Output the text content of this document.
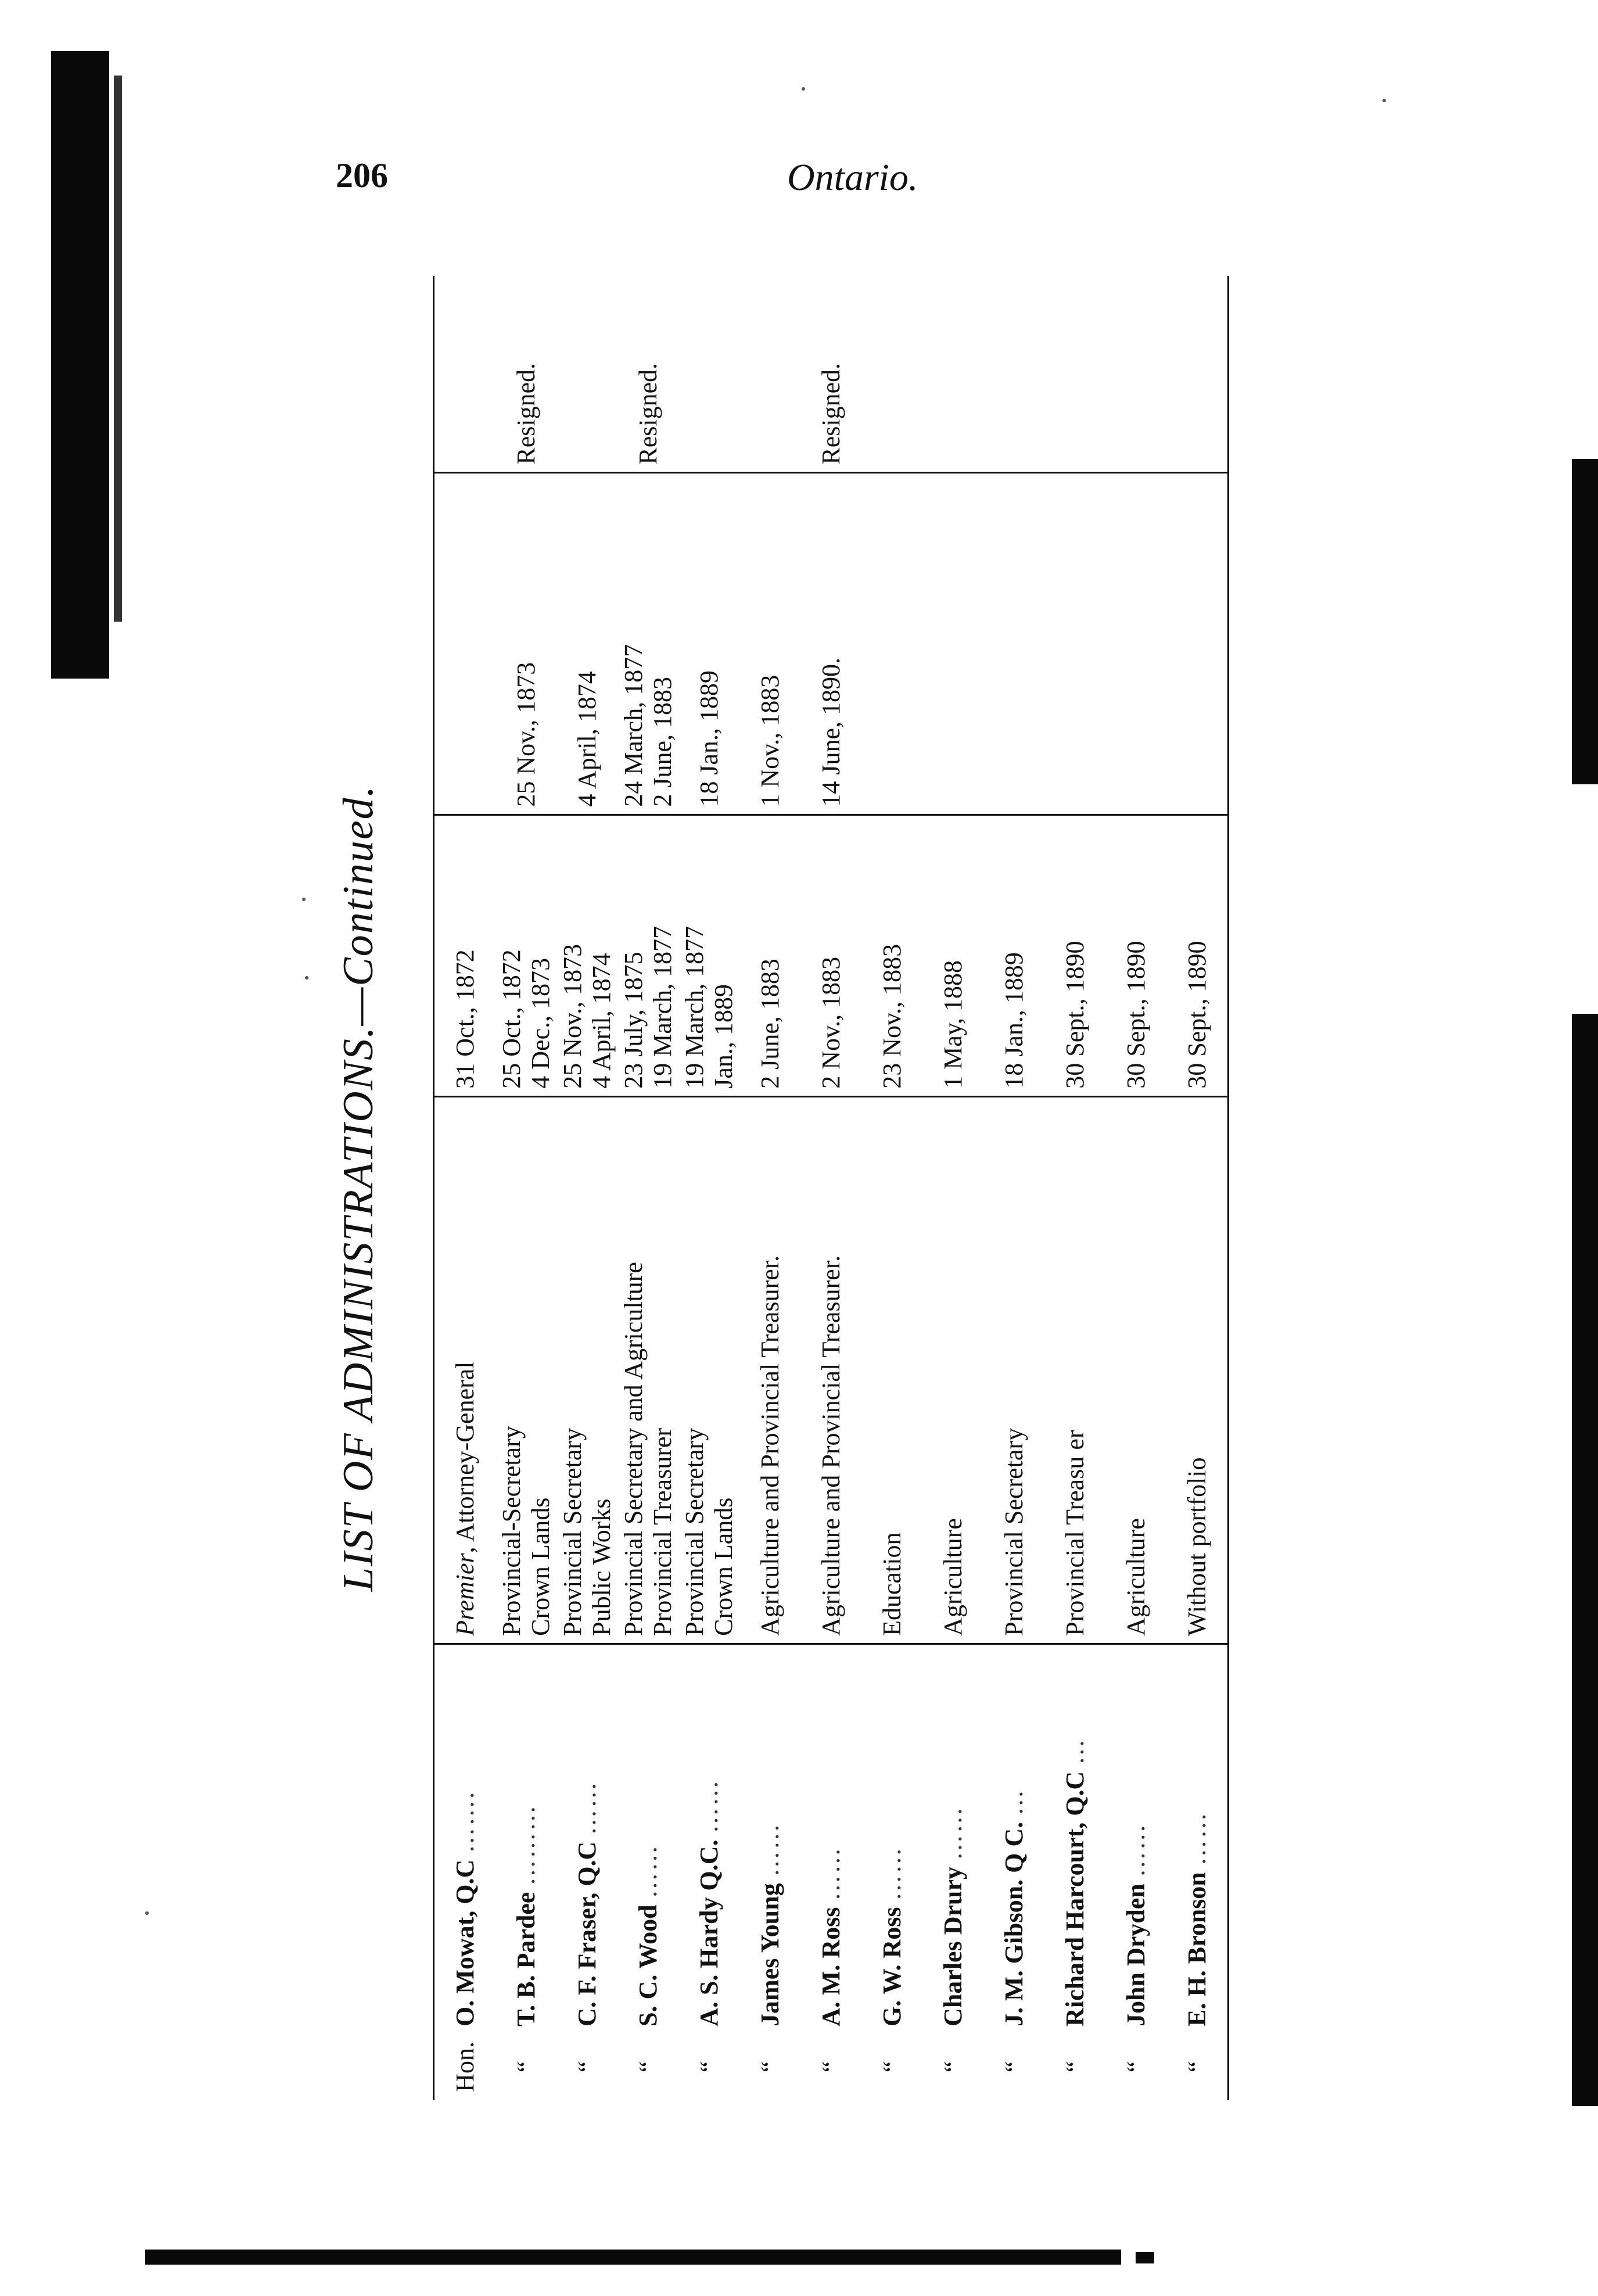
206	Ontario.
LIST OF ADMINISTRATIONS.—Continued.
Hon.	O. Mowat, Q.C …….	Premier, Attorney-General	31 Oct., 1872		

“	T. B. Pardee ………	Provincial-Secretary Crown Lands	25 Oct., 1872 4 Dec., 1873	25 Nov., 1873	Resigned.
“	C. F. Fraser, Q.C ……	Provincial Secretary Public Works	25 Nov., 1873 4 April, 1874	4 April, 1874	

“	S. C. Wood ……	Provincial Secretary and Agriculture Provincial Treasurer	23 July, 1875 19 March, 1877	24 March, 1877 2 June, 1883	Resigned.
“	A. S. Hardy Q.C. ……	Provincial Secretary Crown Lands	19 March, 1877 Jan., 1889	18 Jan., 1889	

“	James Young ……	Agriculture and Provincial Treasurer.	2 June, 1883	1 Nov., 1883	

“	A. M. Ross ……	Agriculture and Provincial Treasurer.	2 Nov., 1883	14 June, 1890.	Resigned.
“	G. W. Ross ……	Education	23 Nov., 1883		

“	Charles Drury ……	Agriculture	1 May, 1888		

“	J. M. Gibson. Q C. …	Provincial Secretary	18 Jan., 1889		

“	Richard Harcourt, Q.C …	Provincial Treasu er	30 Sept., 1890		

“	John Dryden ……	Agriculture	30 Sept., 1890		

“	E. H. Bronson ……	Without portfolio	30 Sept., 1890		
